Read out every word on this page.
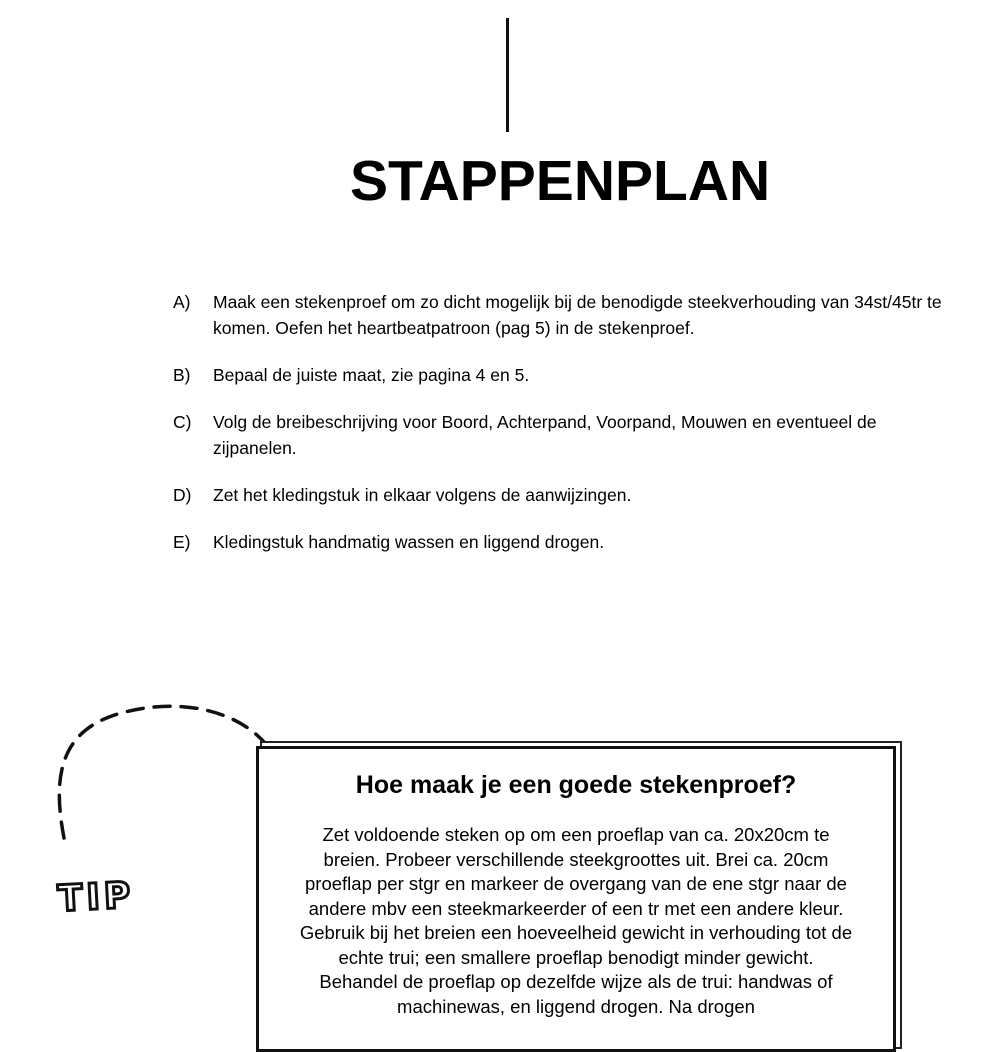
STAPPENPLAN
A) Maak een stekenproef om zo dicht mogelijk bij de benodigde steekverhouding van 34st/45tr te komen. Oefen het heartbeatpatroon (pag 5) in de stekenproef.
B) Bepaal de juiste maat, zie pagina 4 en 5.
C) Volg de breibeschrijving voor Boord, Achterpand, Voorpand, Mouwen en eventueel de zijpanelen.
D) Zet het kledingstuk in elkaar volgens de aanwijzingen.
E) Kledingstuk handmatig wassen en liggend drogen.
TIP
Hoe maak je een goede stekenproef?

Zet voldoende steken op om een proeflap van ca. 20x20cm te breien. Probeer verschillende steekgroottes uit. Brei ca. 20cm proeflap per stgr en markeer de overgang van de ene stgr naar de andere mbv een steekmarkeerder of een tr met een andere kleur. Gebruik bij het breien een hoeveelheid gewicht in verhouding tot de echte trui; een smallere proeflap benodigt minder gewicht. Behandel de proeflap op dezelfde wijze als de trui: handwas of machinewas, en liggend drogen. Na drogen
